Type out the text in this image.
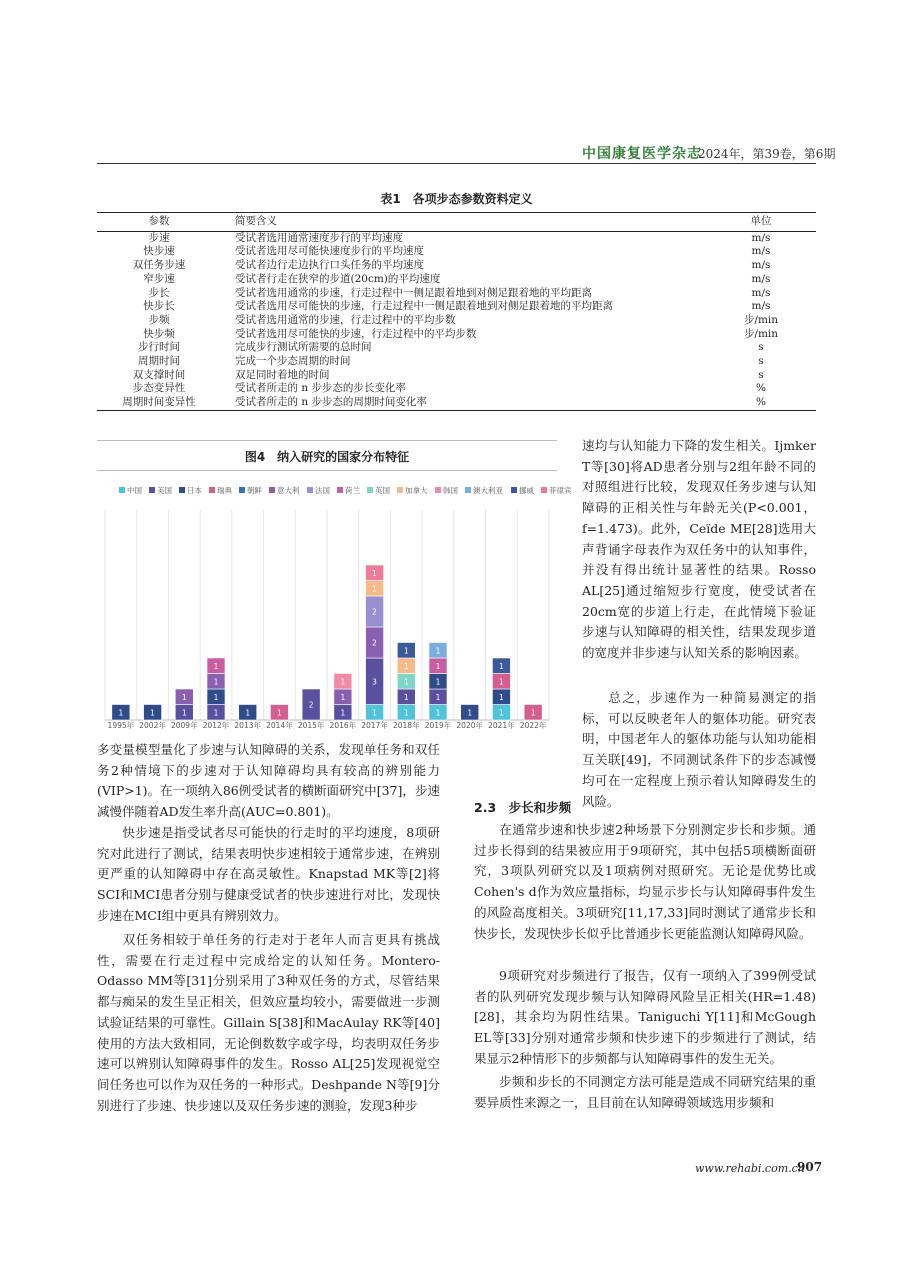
中国康复医学杂志
2024年，第39卷，第6期
表1　各项步态参数资料定义
参数	简要含义	单位
步速	受试者选用通常速度步行的平均速度	m/s
快步速	受试者选用尽可能快速度步行的平均速度	m/s
双任务步速	受试者边行走边执行口头任务的平均速度	m/s
窄步速	受试者行走在狭窄的步道(20cm)的平均速度	m/s
步长	受试者选用通常的步速，行走过程中一侧足跟着地到对侧足跟着地的平均距离	m/s
快步长	受试者选用尽可能快的步速，行走过程中一侧足跟着地到对侧足跟着地的平均距离	m/s
步频	受试者选用通常的步速，行走过程中的平均步数	步/min
快步频	受试者选用尽可能快的步速，行走过程中的平均步数	步/min
步行时间	完成步行测试所需要的总时间	s
周期时间	完成一个步态周期的时间	s
双支撑时间	双足同时着地的时间	s
步态变异性	受试者所走的 n 步步态的步长变化率	%
周期时间变异性	受试者所走的 n 步步态的周期时间变化率	%
图4　纳入研究的国家分布特征
中国 美国 日本 瑞典 朝鲜 意大利 法国 荷兰 英国 加拿大 韩国 澳大利亚 挪威 菲律宾
1
1995年
1
2002年
1
1
2009年
1
1
1
1
2012年
1
2013年
1
2014年
2
2015年
1
1
1
2016年
1
3
2
2
1
1
2017年
1
1
1
1
1
2018年
1
1
1
1
1
2019年
1
2020年
1
1
1
1
2021年
1
2022年

速均与认知能力下降的发生相关。Ijmker T等[30]将AD患者分别与2组年龄不同的对照组进行比较，发现双任务步速与认知障碍的正相关性与年龄无关(P<0.001，f=1.473)。此外，Ceïde ME[28]选用大声背诵字母表作为双任务中的认知事件，并没有得出统计显著性的结果。Rosso AL[25]通过缩短步行宽度，使受试者在20cm宽的步道上行走，在此情境下验证步速与认知障碍的相关性，结果发现步道的宽度并非步速与认知关系的影响因素。

总之，步速作为一种简易测定的指标，可以反映老年人的躯体功能。研究表明，中国老年人的躯体功能与认知功能相互关联[49]，不同测试条件下的步态减慢均可在一定程度上预示着认知障碍发生的风险。

多变量模型量化了步速与认知障碍的关系，发现单任务和双任务2种情境下的步速对于认知障碍均具有较高的辨别能力(VIP>1)。在一项纳入86例受试者的横断面研究中[37]，步速减慢伴随着AD发生率升高(AUC=0.801)。

快步速是指受试者尽可能快的行走时的平均速度，8项研究对此进行了测试，结果表明快步速相较于通常步速，在辨别更严重的认知障碍中存在高灵敏性。Knapstad MK等[2]将SCI和MCI患者分别与健康受试者的快步速进行对比，发现快步速在MCI组中更具有辨别效力。

双任务相较于单任务的行走对于老年人而言更具有挑战性，需要在行走过程中完成给定的认知任务。Montero-Odasso MM等[31]分别采用了3种双任务的方式，尽管结果都与痴呆的发生呈正相关，但效应量均较小，需要做进一步测试验证结果的可靠性。Gillain S[38]和MacAulay RK等[40]使用的方法大致相同，无论倒数数字或字母，均表明双任务步速可以辨别认知障碍事件的发生。Rosso AL[25]发现视觉空间任务也可以作为双任务的一种形式。Deshpande N等[9]分别进行了步速、快步速以及双任务步速的测验，发现3种步

2.3　步长和步频

在通常步速和快步速2种场景下分别测定步长和步频。通过步长得到的结果被应用于9项研究，其中包括5项横断面研究，3项队列研究以及1项病例对照研究。无论是优势比或Cohen's d作为效应量指标，均显示步长与认知障碍事件发生的风险高度相关。3项研究[11,17,33]同时测试了通常步长和快步长，发现快步长似乎比普通步长更能监测认知障碍风险。

9项研究对步频进行了报告，仅有一项纳入了399例受试者的队列研究发现步频与认知障碍风险呈正相关(HR=1.48)[28]，其余均为阴性结果。Taniguchi Y[11]和McGough EL等[33]分别对通常步频和快步速下的步频进行了测试，结果显示2种情形下的步频都与认知障碍事件的发生无关。

步频和步长的不同测定方法可能是造成不同研究结果的重要异质性来源之一，且目前在认知障碍领域选用步频和

www.rehabi.com.cn
907
